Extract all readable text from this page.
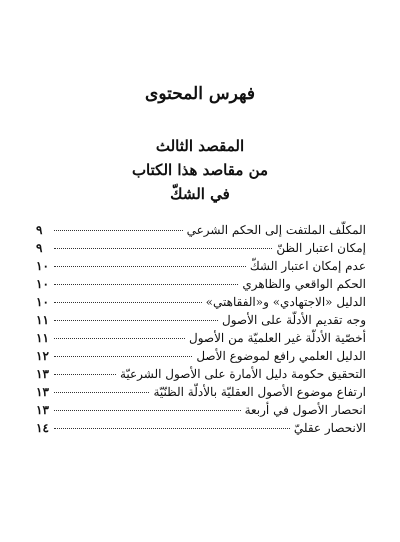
فهرس المحتوى
المقصد الثالث
من مقاصد هذا الكتاب
في الشكّ
المكلّف الملتفت إلى الحكم الشرعي
٩
إمكان اعتبار الظنّ
٩
عدم إمكان اعتبار الشكّ
١٠
الحكم الواقعي والظاهري
١٠
الدليل «الاجتهادي» و«الفقاهتي»
١٠
وجه تقديم الأدلّة على الأصول
١١
أخصّية الأدلّة غير العلميّة من الأصول
١١
الدليل العلمي رافع لموضوع الأصل
١٢
التحقيق حكومة دليل الأمارة على الأصول الشرعيّة
١٣
ارتفاع موضوع الأصول العقليّة بالأدلّة الظنّيّة
١٣
انحصار الأصول في أربعة
١٣
الانحصار عقليّ
١٤
